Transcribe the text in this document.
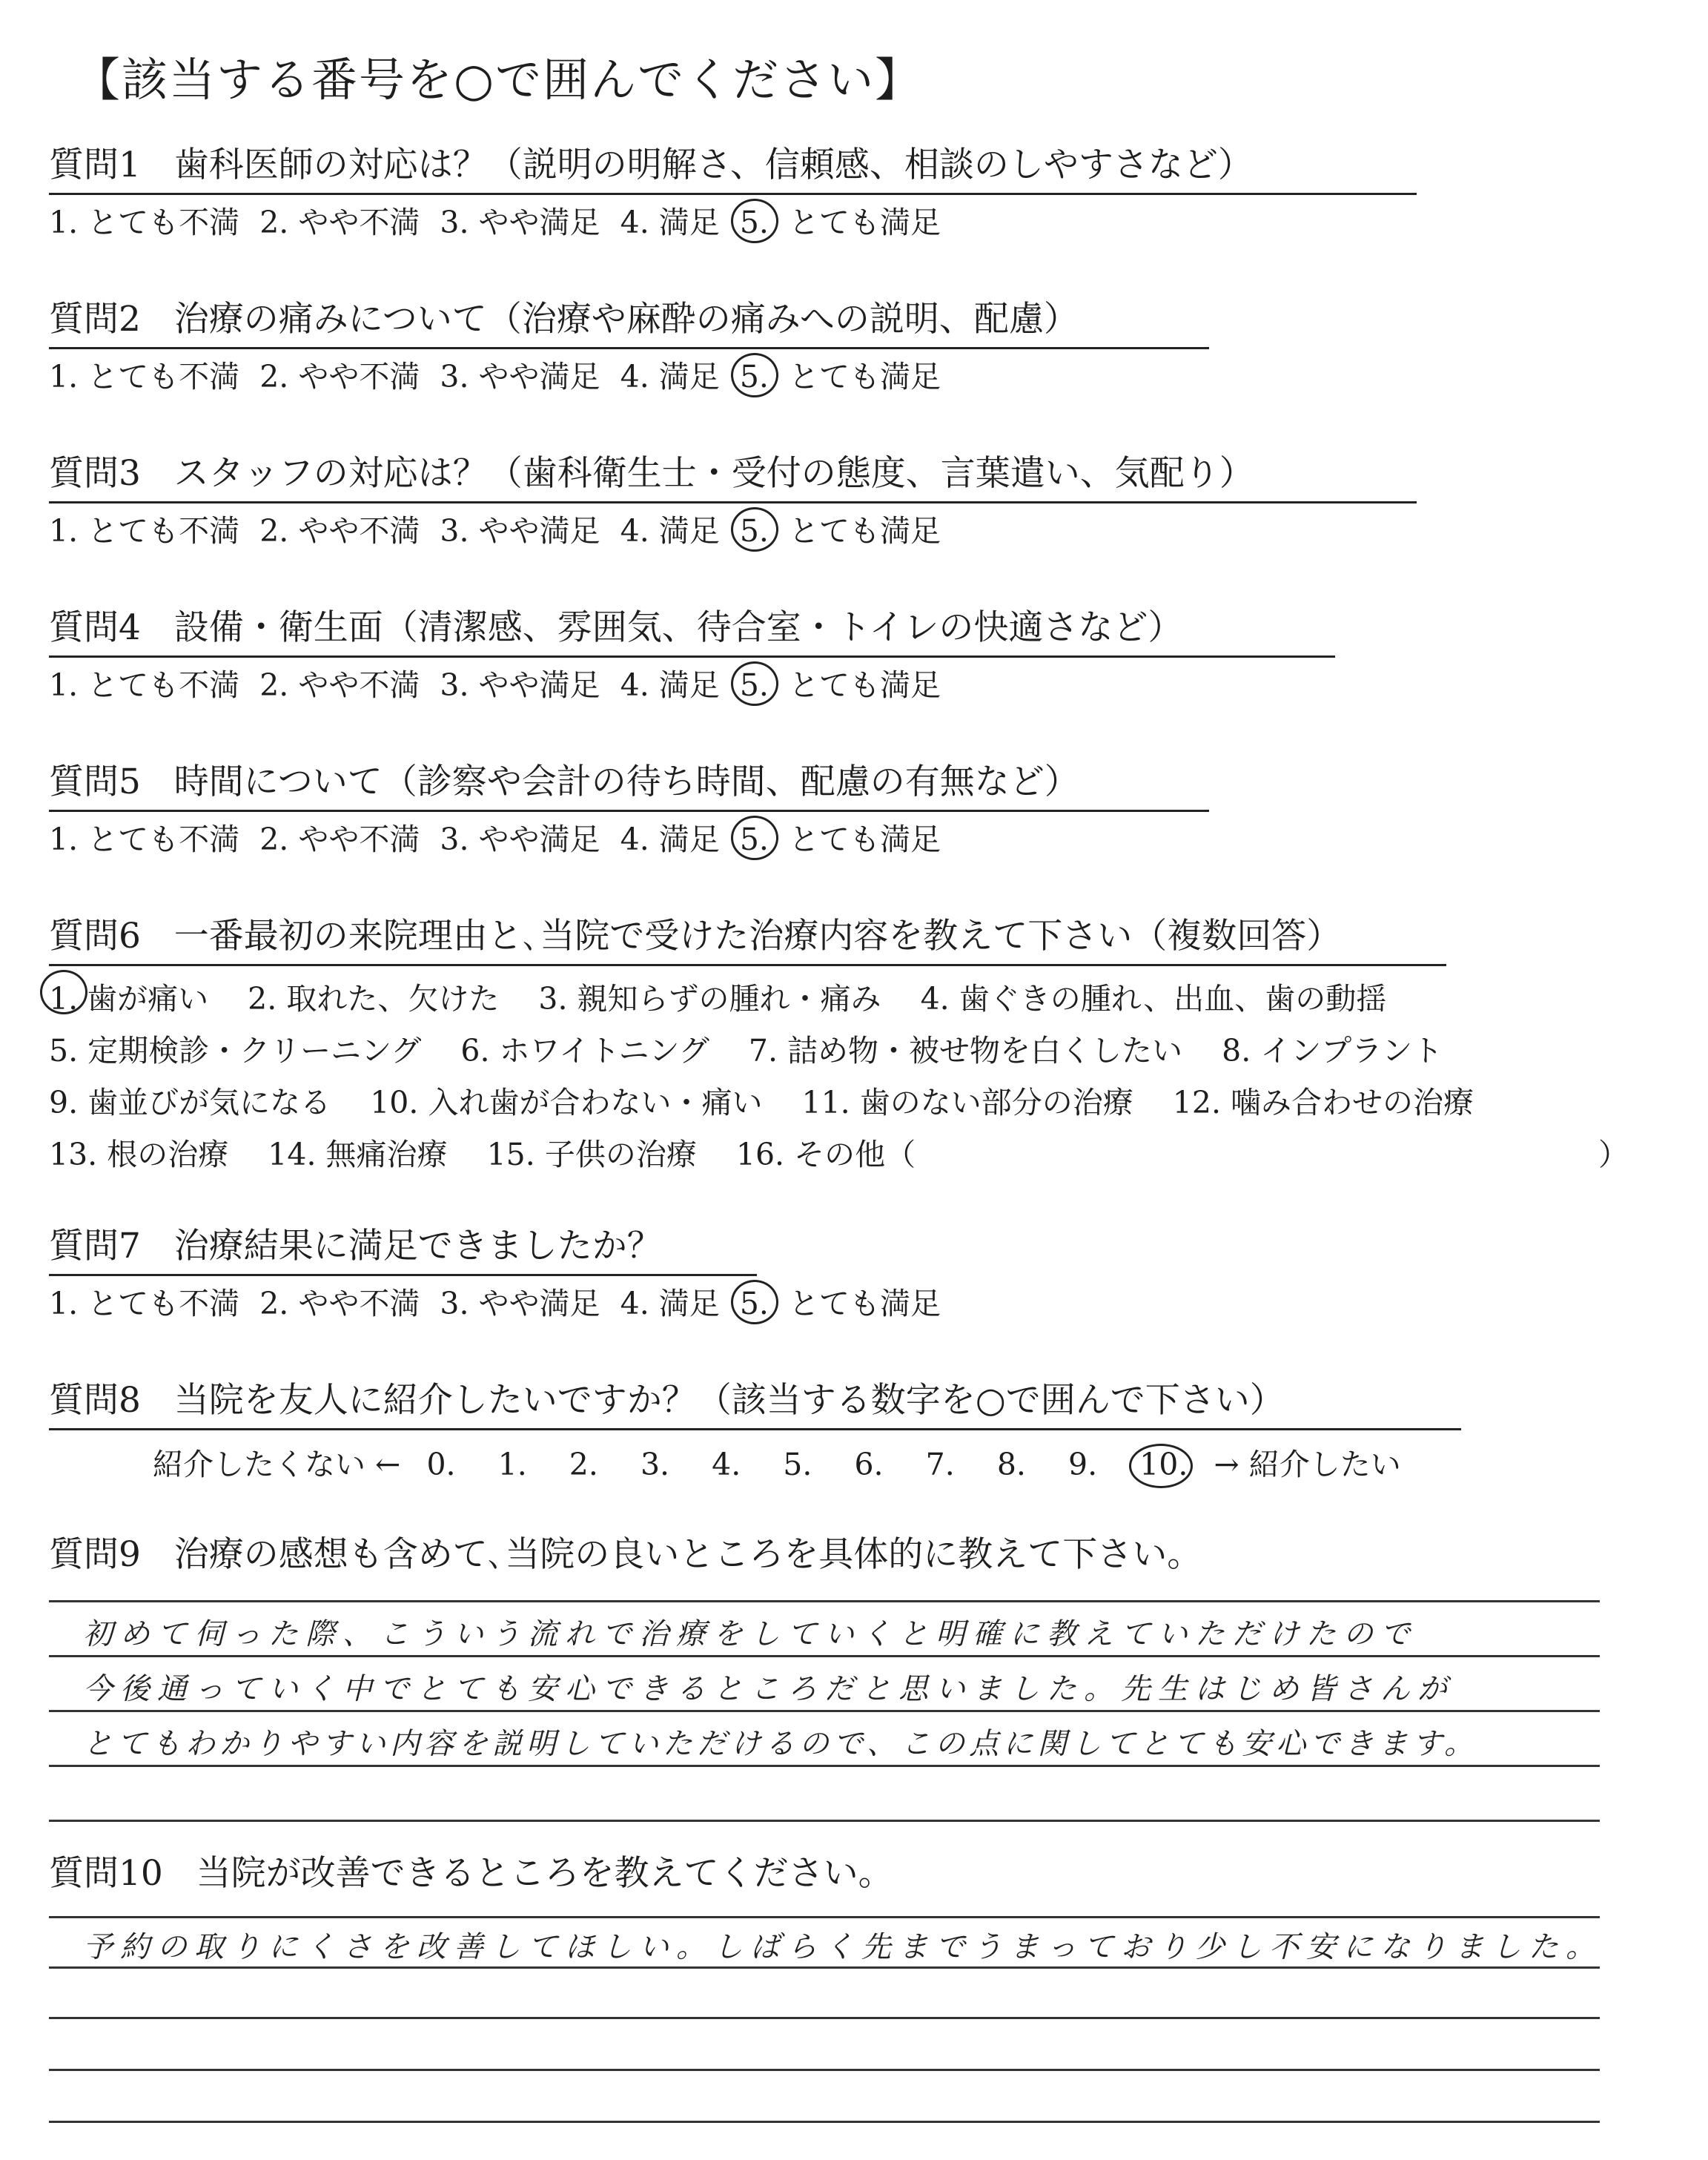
【該当する番号を○で囲んでください】
質問1 歯科医師の対応は？（説明の明解さ、信頼感、相談のしやすさなど）
1. とても不満 2. やや不満 3. やや満足 4. 満足 5. とても満足
質問2 治療の痛みについて（治療や麻酔の痛みへの説明、配慮）
1. とても不満 2. やや不満 3. やや満足 4. 満足 5. とても満足
質問3 スタッフの対応は？（歯科衛生士・受付の態度、言葉遣い、気配り）
1. とても不満 2. やや不満 3. やや満足 4. 満足 5. とても満足
質問4 設備・衛生面（清潔感、雰囲気、待合室・トイレの快適さなど）
1. とても不満 2. やや不満 3. やや満足 4. 満足 5. とても満足
質問5 時間について（診察や会計の待ち時間、配慮の有無など）
1. とても不満 2. やや不満 3. やや満足 4. 満足 5. とても満足
質問6 一番最初の来院理由と､当院で受けた治療内容を教えて下さい（複数回答）
1. 歯が痛い 2. 取れた、欠けた 3. 親知らずの腫れ・痛み 4. 歯ぐきの腫れ、出血、歯の動揺
5. 定期検診・クリーニング 6. ホワイトニング 7. 詰め物・被せ物を白くしたい 8. インプラント
9. 歯並びが気になる 10. 入れ歯が合わない・痛い 11. 歯のない部分の治療 12. 噛み合わせの治療
13. 根の治療 14. 無痛治療 15. 子供の治療 16. その他（	）
質問7 治療結果に満足できましたか？
1. とても不満 2. やや不満 3. やや満足 4. 満足 5. とても満足
質問8 当院を友人に紹介したいですか？（該当する数字を○で囲んで下さい）
紹介したくない ← 0. 1. 2. 3. 4. 5. 6. 7. 8. 9. 10. → 紹介したい
質問9 治療の感想も含めて､当院の良いところを具体的に教えて下さい。
初めて伺った際、こういう流れで治療をしていくと明確に教えていただけたので
今後通っていく中でとても安心できるところだと思いました。先生はじめ皆さんが
とてもわかりやすい内容を説明していただけるので、この点に関してとても安心できます。
質問10 当院が改善できるところを教えてください。
予約の取りにくさを改善してほしい。しばらく先までうまっており少し不安になりました。
